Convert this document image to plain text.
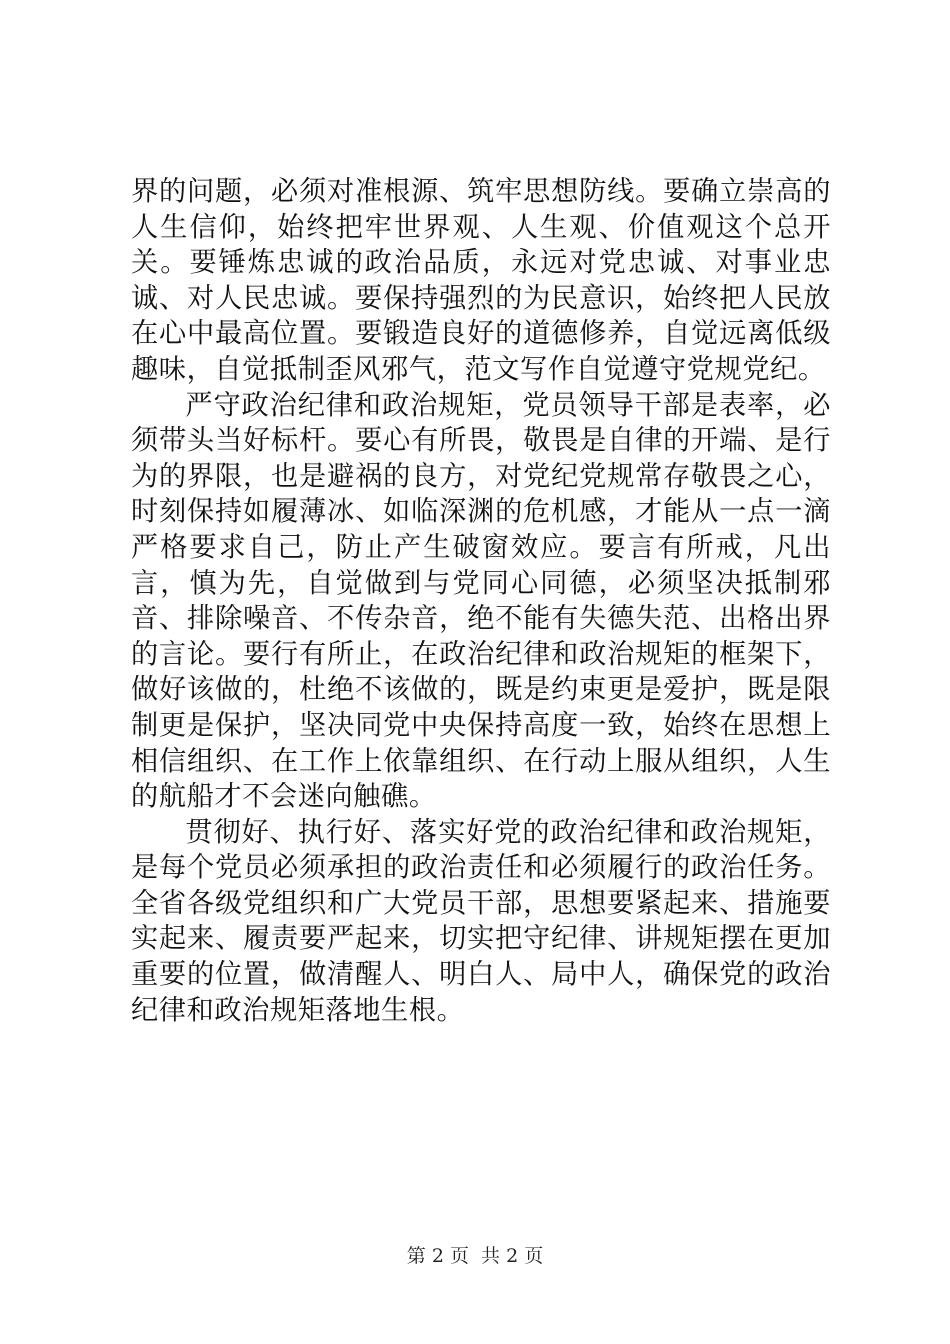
界的问题，必须对准根源、筑牢思想防线。要确立崇高的人生信仰，始终把牢世界观、人生观、价值观这个总开关。要锤炼忠诚的政治品质，永远对党忠诚、对事业忠诚、对人民忠诚。要保持强烈的为民意识，始终把人民放在心中最高位置。要锻造良好的道德修养，自觉远离低级趣味，自觉抵制歪风邪气，范文写作自觉遵守党规党纪。

严守政治纪律和政治规矩，党员领导干部是表率，必须带头当好标杆。要心有所畏，敬畏是自律的开端、是行为的界限，也是避祸的良方，对党纪党规常存敬畏之心，时刻保持如履薄冰、如临深渊的危机感，才能从一点一滴严格要求自己，防止产生破窗效应。要言有所戒，凡出言，慎为先，自觉做到与党同心同德，必须坚决抵制邪音、排除噪音、不传杂音，绝不能有失德失范、出格出界的言论。要行有所止，在政治纪律和政治规矩的框架下，做好该做的，杜绝不该做的，既是约束更是爱护，既是限制更是保护，坚决同党中央保持高度一致，始终在思想上相信组织、在工作上依靠组织、在行动上服从组织，人生的航船才不会迷向触礁。

贯彻好、执行好、落实好党的政治纪律和政治规矩，是每个党员必须承担的政治责任和必须履行的政治任务。全省各级党组织和广大党员干部，思想要紧起来、措施要实起来、履责要严起来，切实把守纪律、讲规矩摆在更加重要的位置，做清醒人、明白人、局中人，确保党的政治纪律和政治规矩落地生根。

第 2 页  共 2 页
